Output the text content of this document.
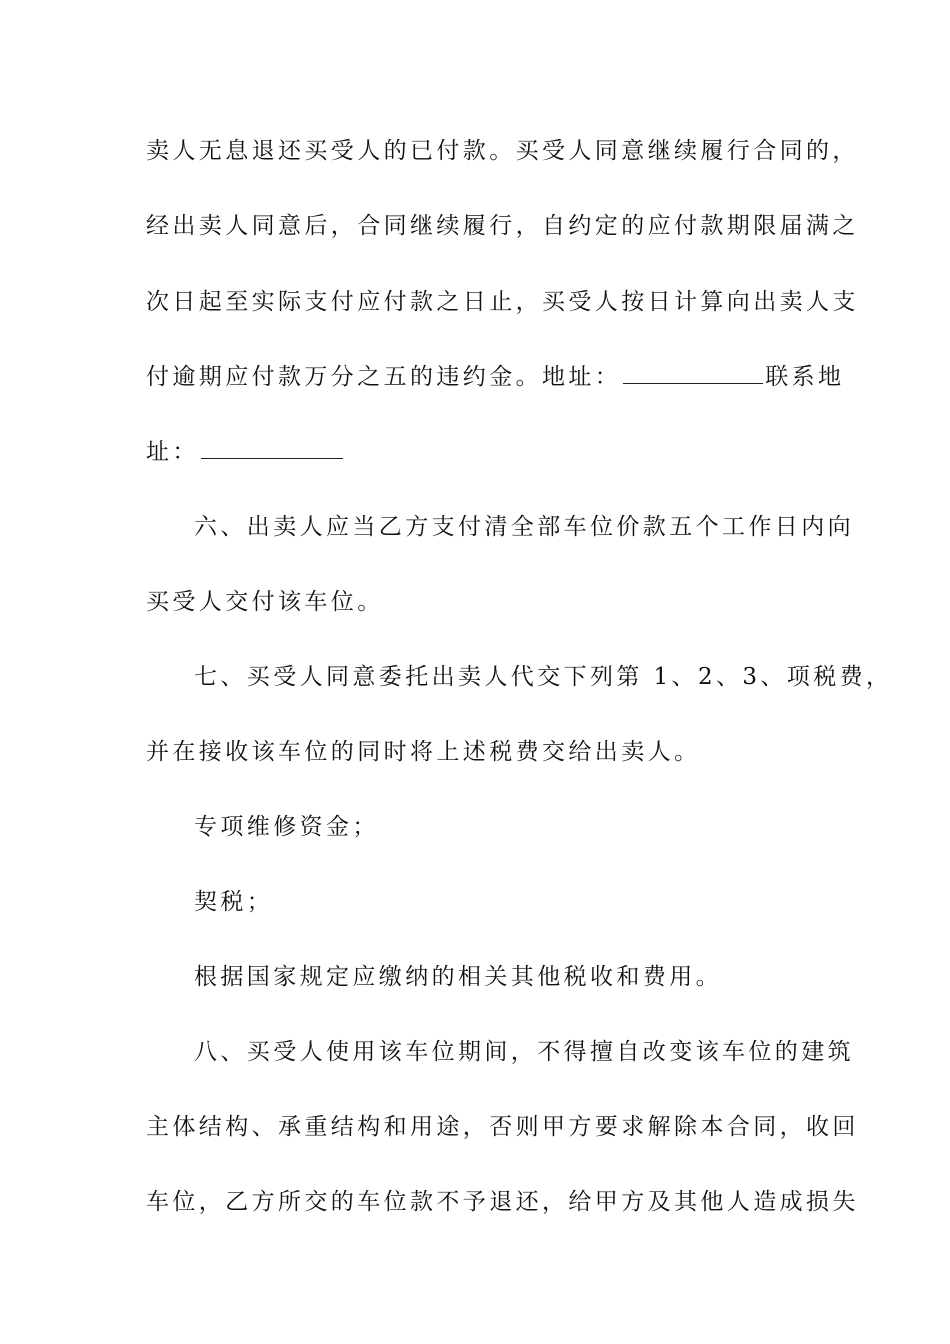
卖人无息退还买受人的已付款。买受人同意继续履行合同的，
经出卖人同意后，合同继续履行，自约定的应付款期限届满之
次日起至实际支付应付款之日止，买受人按日计算向出卖人支
付逾期应付款万分之五的违约金。地址：	联系地
址：
六、出卖人应当乙方支付清全部车位价款五个工作日内向
买受人交付该车位。
七、买受人同意委托出卖人代交下列第 1、2、3、项税费，
并在接收该车位的同时将上述税费交给出卖人。
专项维修资金；
契税；
根据国家规定应缴纳的相关其他税收和费用。
八、买受人使用该车位期间，不得擅自改变该车位的建筑
主体结构、承重结构和用途，否则甲方要求解除本合同，收回
车位，乙方所交的车位款不予退还，给甲方及其他人造成损失
